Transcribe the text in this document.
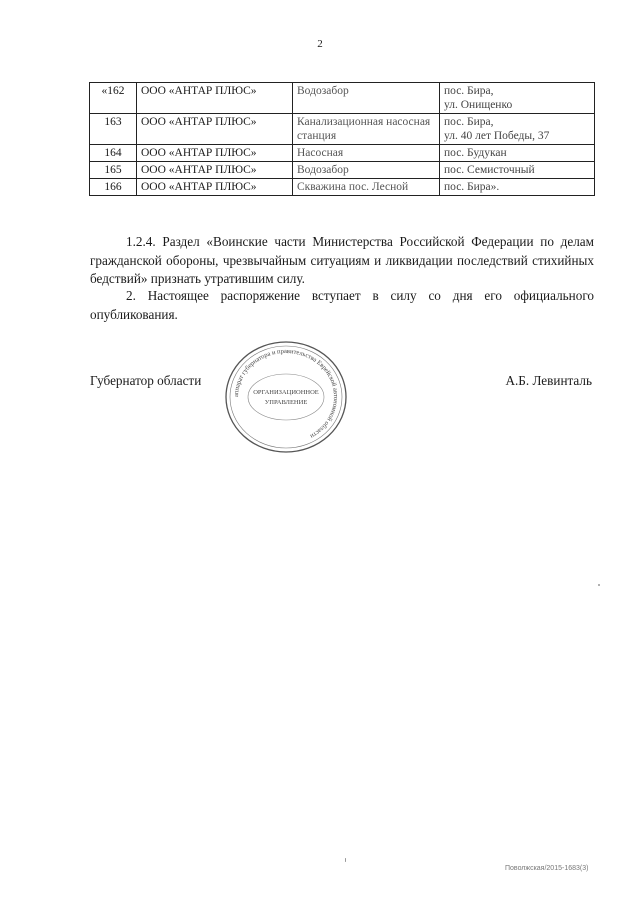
2
«162	ООО «АНТАР ПЛЮС»	Водозабор	пос. Бира,
ул. Онищенко

163	ООО «АНТАР ПЛЮС»	Канализационная насосная станция	пос. Бира,
ул. 40 лет Победы, 37

164	ООО «АНТАР ПЛЮС»	Насосная	пос. Будукан

165	ООО «АНТАР ПЛЮС»	Водозабор	пос. Семисточный

166	ООО «АНТАР ПЛЮС»	Скважина пос. Лесной	пос. Бира».
1.2.4. Раздел «Воинские части Министерства Российской Федерации по делам гражданской обороны, чрезвычайным ситуациям и ликвидации последствий стихийных бедствий» признать утратившим силу.
2. Настоящее распоряжение вступает в силу со дня его официального опубликования.
Губернатор области
аппарат губернатора и правительства Еврейской автономной области
ОРГАНИЗАЦИОННОЕ
УПРАВЛЕНИЕ
А.Б. Левинталь
Поволжская/2015-1683(3)
